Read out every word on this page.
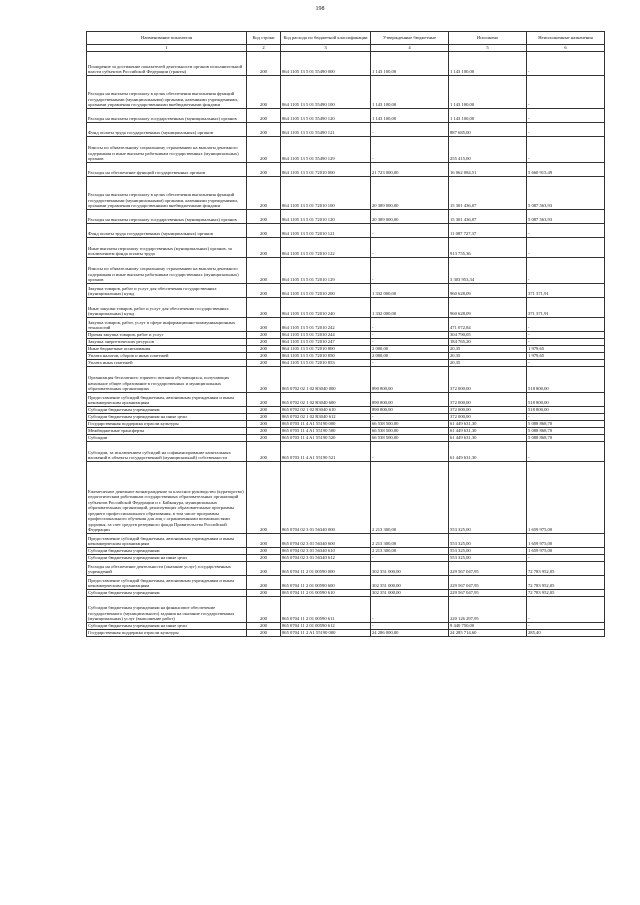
198
Наименование показателя	Код строки	Код расхода по бюджетной классификации	Утвержденные бюджетные	Исполнено	Неисполненные назначения
1	2	3	4	5	6
Поощрение за достижение показателей деятельности органов исполнительной власти субъектов Российской Федерации (гранты)	200	864 1105 13 5 01 55490 000	1 143 100,00	1 143 100,00	-
Расходы на выплаты персоналу в целях обеспечения выполнения функций государственными (муниципальными) органами, казенными учреждениями, органами управления государственными внебюджетными фондами	200	864 1105 13 5 01 55490 100	1 143 100,00	1 143 100,00	-
Расходы на выплаты персоналу государственных (муниципальных) органов	200	864 1105 13 5 01 55490 120	1 143 100,00	1 143 100,00	-
Фонд оплаты труда государственных (муниципальных) органов	200	864 1105 13 5 01 55490 121	-	887 685,00	-
Взносы по обязательному социальному страхованию на выплаты денежного содержания и иные выплаты работникам государственных (муниципальных) органов	200	864 1105 13 5 01 55490 129	-	255 415,00	-
Расходы на обеспечение функций государственных органов	200	864 1105 13 5 01 72010 000	21 723 000,00	16 062 084,51	5 660 915,49
Расходы на выплаты персоналу в целях обеспечения выполнения функций государственными (муниципальными) органами, казенными учреждениями, органами управления государственными внебюджетными фондами	200	864 1105 13 5 01 72010 100	20 389 000,00	15 301 436,07	5 087 563,93
Расходы на выплаты персоналу государственных (муниципальных) органов	200	864 1105 13 5 01 72010 120	20 389 000,00	15 301 436,07	5 087 563,93
Фонд оплаты труда государственных (муниципальных) органов	200	864 1105 13 5 01 72010 121	-	11 087 727,37	-
Иные выплаты персоналу государственных (муниципальных) органов, за исключением фонда оплаты труда	200	864 1105 13 5 01 72010 122	-	913 755,36	-
Взносы по обязательному социальному страхованию на выплаты денежного содержания и иные выплаты работникам государственных (муниципальных) органов	200	864 1105 13 5 01 72010 129	-	3 303 953,34	-
Закупка товаров, работ и услуг для обеспечения государственных (муниципальных) нужд	200	864 1105 13 5 01 72010 200	1 332 000,00	960 628,09	371 371,91
Иные закупки товаров, работ и услуг для обеспечения государственных (муниципальных) нужд	200	864 1105 13 5 01 72010 240	1 332 000,00	960 628,09	371 371,91
Закупка товаров, работ, услуг в сфере информационно-коммуникационных технологий	200	864 1105 13 5 01 72010 242	-	471 072,84	-
Прочая закупка товаров, работ и услуг	200	864 1105 13 5 01 72010 244	-	304 790,05	-
Закупка энергетических ресурсов	200	864 1105 13 5 01 72010 247	-	184 765,20	-
Иные бюджетные ассигнования	200	864 1105 13 5 01 72010 800	2 000,00	20,35	1 979,65
Уплата налогов, сборов и иных платежей	200	864 1105 13 5 01 72010 850	2 000,00	20,35	1 979,65
Уплата иных платежей	200	864 1105 13 5 01 72010 853	-	20,35	-
Организация бесплатного горячего питания обучающихся, получающих начальное общее образование в государственных и муниципальных образовательных организациях	200	865 0702 02 1 02 R3040 000	890 800,00	372 000,00	518 800,00
Предоставление субсидий бюджетным, автономным учреждениям и иным некоммерческим организациям	200	865 0702 02 1 02 R3040 600	890 800,00	372 000,00	518 800,00
Субсидии бюджетным учреждениям	200	865 0702 02 1 02 R3040 610	890 800,00	372 000,00	518 800,00
Субсидии бюджетным учреждениям на иные цели	200	865 0702 02 1 02 R3040 612	-	372 000,00	-
Государственная поддержка отрасли культуры	200	865 0703 11 4 A1 55190 000	66 538 500,00	61 449 631,30	5 088 868,70
Межбюджетные трансферты	200	865 0703 11 4 A1 55190 500	66 538 500,00	61 449 631,30	5 088 868,70
Субсидии	200	865 0703 11 4 A1 55190 520	66 538 500,00	61 449 631,30	5 088 868,70
Субсидии, за исключением субсидий на софинансирование капитальных вложений в объекты государственной (муниципальной) собственности	200	865 0703 11 4 A1 55190 521	-	61 449 631,30	-
Ежемесячное денежное вознаграждение за классное руководство (кураторство) педагогическим работникам государственных образовательных организаций субъектов Российской Федерации и г. Байконура, муниципальных образовательных организаций, реализующих образовательные программы среднего профессионального образования, в том числе программы профессионального обучения для лиц с ограниченными возможностями здоровья, за счет средств резервного фонда Правительства Российской Федерации	200	865 0704 02 3 01 56340 000	2 213 300,00	553 325,00	1 659 975,00
Предоставление субсидий бюджетным, автономным учреждениям и иным некоммерческим организациям	200	865 0704 02 3 01 56340 600	2 213 300,00	553 325,00	1 659 975,00
Субсидии бюджетным учреждениям	200	865 0704 02 3 01 56340 610	2 213 300,00	553 325,00	1 659 975,00
Субсидии бюджетным учреждениям на иные цели	200	865 0704 02 3 01 56340 612	-	553 325,00	-
Расходы на обеспечение деятельности (оказание услуг) государственных учреждений	200	865 0704 11 2 01 00590 000	302 351 000,00	229 567 047,95	72 783 952,05
Предоставление субсидий бюджетным, автономным учреждениям и иным некоммерческим организациям	200	865 0704 11 2 01 00590 600	302 351 000,00	229 567 047,95	72 783 952,05
Субсидии бюджетным учреждениям	200	865 0704 11 2 01 00590 610	302 351 000,00	229 567 047,95	72 783 952,05
Субсидии бюджетным учреждениям на финансовое обеспечение государственного (муниципального) задания на оказание государственных (муниципальных) услуг (выполнение работ)	200	865 0704 11 2 01 00590 611	-	220 126 297,95	-
Субсидии бюджетным учреждениям на иные цели	200	865 0704 11 2 01 00590 612	-	9 440 750,00	-
Государственная поддержка отрасли культуры	200	865 0704 11 2 A1 55190 000	24 286 000,00	24 285 714,60	285,40
